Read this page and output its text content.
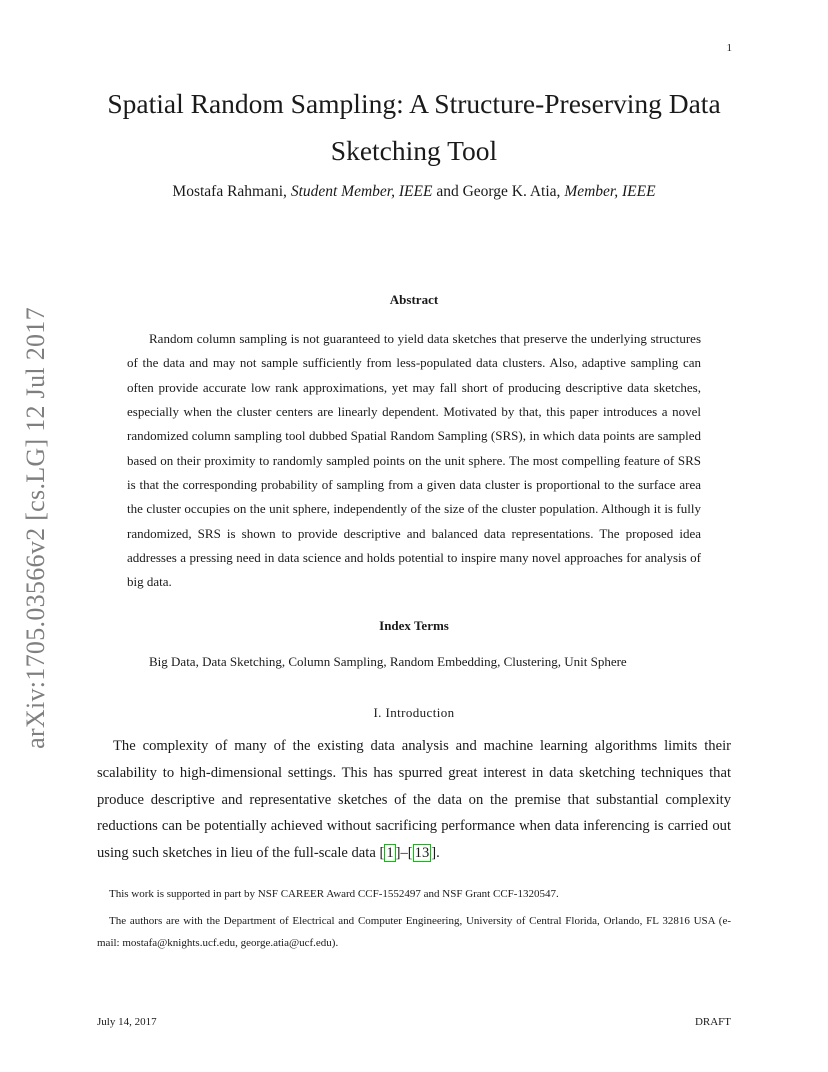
1
arXiv:1705.03566v2 [cs.LG] 12 Jul 2017
Spatial Random Sampling: A Structure-Preserving Data
Sketching Tool
Mostafa Rahmani, Student Member, IEEE and George K. Atia, Member, IEEE
Abstract

Random column sampling is not guaranteed to yield data sketches that preserve the underlying structures of the data and may not sample sufficiently from less-populated data clusters. Also, adaptive sampling can often provide accurate low rank approximations, yet may fall short of producing descriptive data sketches, especially when the cluster centers are linearly dependent. Motivated by that, this paper introduces a novel randomized column sampling tool dubbed Spatial Random Sampling (SRS), in which data points are sampled based on their proximity to randomly sampled points on the unit sphere. The most compelling feature of SRS is that the corresponding probability of sampling from a given data cluster is proportional to the surface area the cluster occupies on the unit sphere, independently of the size of the cluster population. Although it is fully randomized, SRS is shown to provide descriptive and balanced data representations. The proposed idea addresses a pressing need in data science and holds potential to inspire many novel approaches for analysis of big data.

Index Terms
Big Data, Data Sketching, Column Sampling, Random Embedding, Clustering, Unit Sphere
I. Introduction

The complexity of many of the existing data analysis and machine learning algorithms limits their scalability to high-dimensional settings. This has spurred great interest in data sketching techniques that produce descriptive and representative sketches of the data on the premise that substantial complexity reductions can be potentially achieved without sacrificing performance when data inferencing is carried out using such sketches in lieu of the full-scale data [ 1 ]–[ 13 ].

This work is supported in part by NSF CAREER Award CCF-1552497 and NSF Grant CCF-1320547.

The authors are with the Department of Electrical and Computer Engineering, University of Central Florida, Orlando, FL 32816 USA (e-mail: mostafa@knights.ucf.edu, george.atia@ucf.edu).

July 14, 2017	DRAFT
